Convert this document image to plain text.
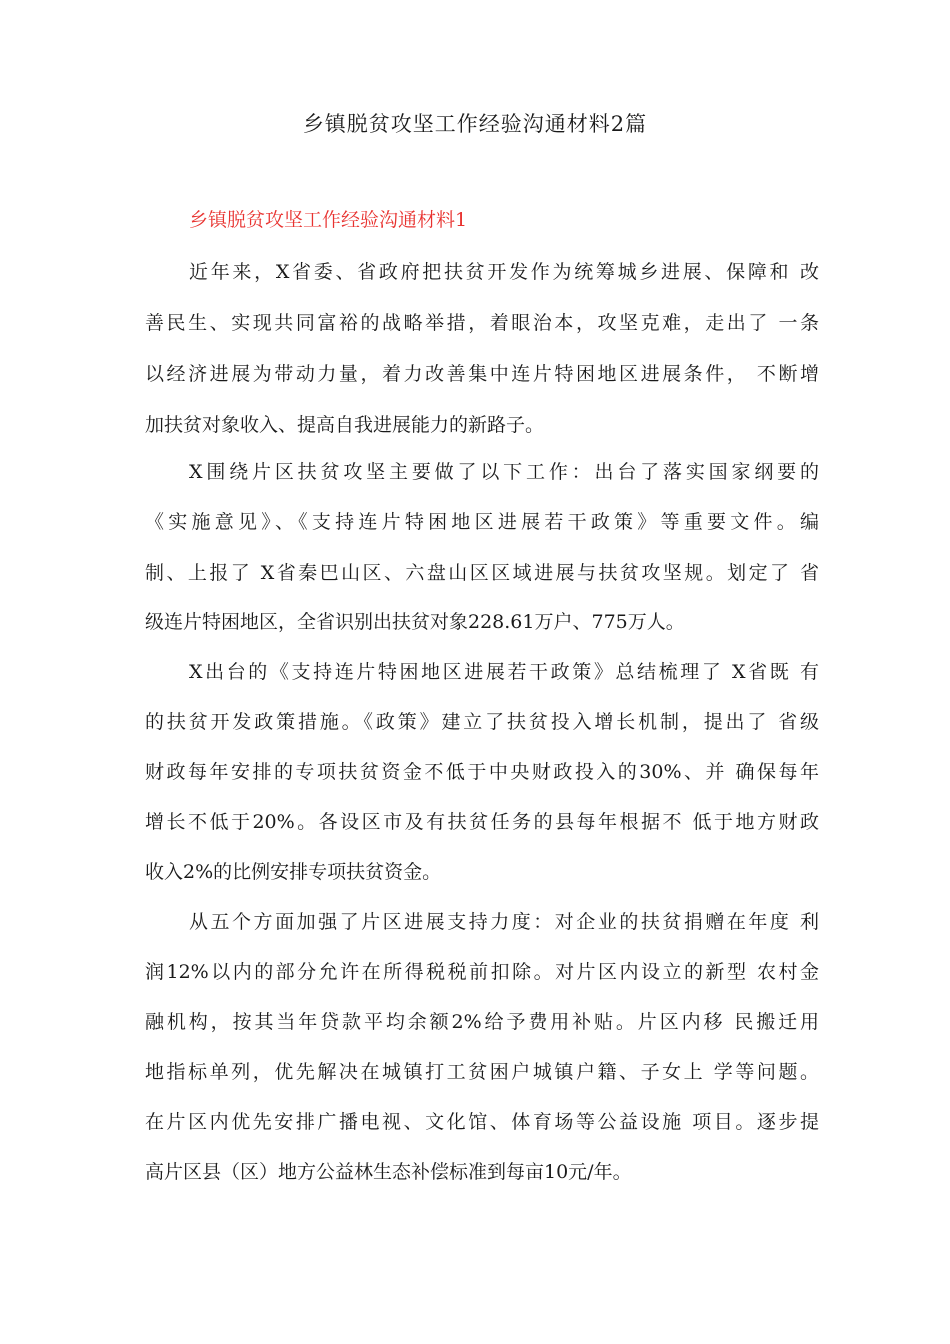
乡镇脱贫攻坚工作经验沟通材料2篇
乡镇脱贫攻坚工作经验沟通材料1
近年来，X省委、省政府把扶贫开发作为统筹城乡进展、保障和 改
善民生、实现共同富裕的战略举措，着眼治本，攻坚克难，走出了 一条
以经济进展为带动力量，着力改善集中连片特困地区进展条件， 不断增
加扶贫对象收入、提高自我进展能力的新路子。
X围绕片区扶贫攻坚主要做了以下工作：出台了落实国家纲要的
《实施意见》、《支持连片特困地区进展若干政策》等重要文件。编
制、上报了 X省秦巴山区、六盘山区区域进展与扶贫攻坚规。划定了 省
级连片特困地区，全省识别出扶贫对象228.61万户、775万人。
X出台的《支持连片特困地区进展若干政策》总结梳理了 X省既 有
的扶贫开发政策措施。《政策》建立了扶贫投入增长机制，提出了 省级
财政每年安排的专项扶贫资金不低于中央财政投入的30%、并 确保每年
增长不低于20%。各设区市及有扶贫任务的县每年根据不 低于地方财政
收入2%的比例安排专项扶贫资金。
从五个方面加强了片区进展支持力度：对企业的扶贫捐赠在年度 利
润12%以内的部分允许在所得税税前扣除。对片区内设立的新型 农村金
融机构，按其当年贷款平均余额2%给予费用补贴。片区内移 民搬迁用
地指标单列，优先解决在城镇打工贫困户城镇户籍、子女上 学等问题。
在片区内优先安排广播电视、文化馆、体育场等公益设施 项目。逐步提
高片区县（区）地方公益林生态补偿标准到每亩10元/年。
